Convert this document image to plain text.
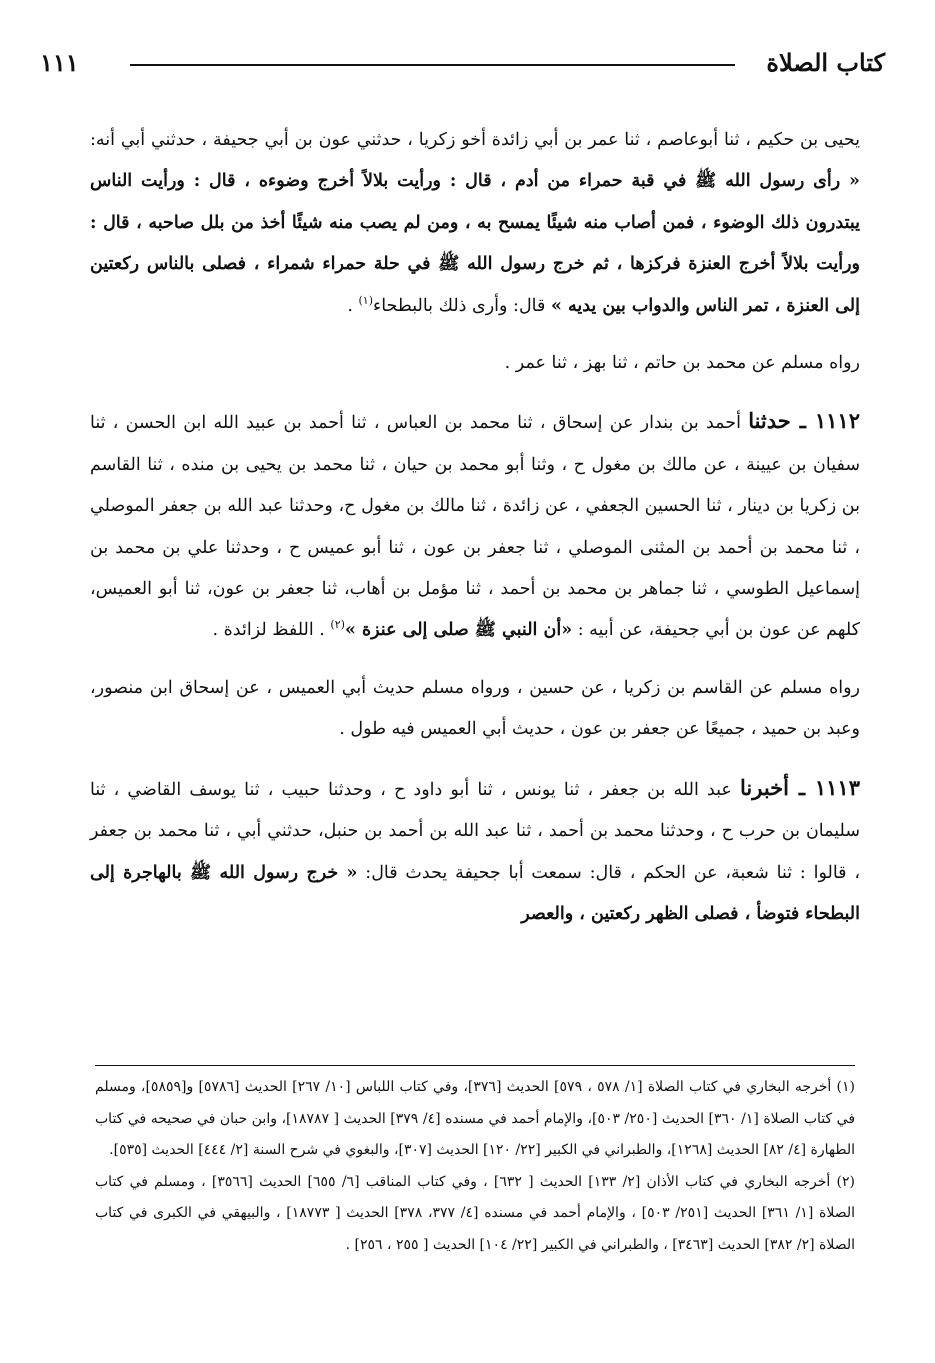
كتاب الصلاة
١١١

يحيى بن حكيم ، ثنا أبوعاصم ، ثنا عمر بن أبي زائدة أخو زكريا ، حدثني عون بن أبي جحيفة ، حدثني أبي أنه: « رأى رسول الله ﷺ في قبة حمراء من أدم ، قال : ورأيت بلالاً أخرج وضوءه ، قال : ورأيت الناس يبتدرون ذلك الوضوء ، فمن أصاب منه شيئًا يمسح به ، ومن لم يصب منه شيئًا أخذ من بلل صاحبه ، قال : ورأيت بلالاً أخرج العنزة فركزها ، ثم خرج رسول الله ﷺ في حلة حمراء شمراء ، فصلى بالناس ركعتين إلى العنزة ، تمر الناس والدواب بين يديه » قال: وأرى ذلك بالبطحاء$^{(١)}$ .

رواه مسلم عن محمد بن حاتم ، ثنا بهز ، ثنا عمر .

١١١٢ ـ حدثنا أحمد بن بندار عن إسحاق ، ثنا محمد بن العباس ، ثنا أحمد بن عبيد الله ابن الحسن ، ثنا سفيان بن عيينة ، عن مالك بن مغول ح ، وثنا أبو محمد بن حيان ، ثنا محمد بن يحيى بن منده ، ثنا القاسم بن زكريا بن دينار ، ثنا الحسين الجعفي ، عن زائدة ، ثنا مالك بن مغول ح، وحدثنا عبد الله بن جعفر الموصلي ، ثنا محمد بن أحمد بن المثنى الموصلي ، ثنا جعفر بن عون ، ثنا أبو عميس ح ، وحدثنا علي بن محمد بن إسماعيل الطوسي ، ثنا جماهر بن محمد بن أحمد ، ثنا مؤمل بن أهاب، ثنا جعفر بن عون، ثنا أبو العميس، كلهم عن عون بن أبي جحيفة، عن أبيه : «أن النبي ﷺ صلى إلى عنزة »$^{(٢)}$ . اللفظ لزائدة .

رواه مسلم عن القاسم بن زكريا ، عن حسين ، ورواه مسلم حديث أبي العميس ، عن إسحاق ابن منصور، وعبد بن حميد ، جميعًا عن جعفر بن عون ، حديث أبي العميس فيه طول .

١١١٣ ـ أخبرنا عبد الله بن جعفر ، ثنا يونس ، ثنا أبو داود ح ، وحدثنا حبيب ، ثنا يوسف القاضي ، ثنا سليمان بن حرب ح ، وحدثنا محمد بن أحمد ، ثنا عبد الله بن أحمد بن حنبل، حدثني أبي ، ثنا محمد بن جعفر ، قالوا : ثنا شعبة، عن الحكم ، قال: سمعت أبا جحيفة يحدث قال: « خرج رسول الله ﷺ بالهاجرة إلى البطحاء فتوضأ ، فصلى الظهر ركعتين ، والعصر

(١) أخرجه البخاري في كتاب الصلاة [١/ ٥٧٨ ، ٥٧٩] الحديث [٣٧٦]، وفي كتاب اللباس [١٠/ ٢٦٧] الحديث [٥٧٨٦] و[٥٨٥٩]، ومسلم في كتاب الصلاة [١/ ٣٦٠] الحديث [٢٥٠/ ٥٠٣]، والإمام أحمد في مسنده [٤/ ٣٧٩] الحديث [ ١٨٧٨٧]، وابن حبان في صحيحه في كتاب الطهارة [٤/ ٨٢] الحديث [١٢٦٨]، والطبراني في الكبير [٢٢/ ١٢٠] الحديث [٣٠٧]، والبغوي في شرح السنة [٢/ ٤٤٤] الحديث [٥٣٥].

(٢) أخرجه البخاري في كتاب الأذان [٢/ ١٣٣] الحديث [ ٦٣٢] ، وفي كتاب المناقب [٦/ ٦٥٥] الحديث [٣٥٦٦] ، ومسلم في كتاب الصلاة [١/ ٣٦١] الحديث [٢٥١/ ٥٠٣] ، والإمام أحمد في مسنده [٤/ ٣٧٧، ٣٧٨] الحديث [ ١٨٧٧٣] ، والبيهقي في الكبرى في كتاب الصلاة [٢/ ٣٨٢] الحديث [٣٤٦٣] ، والطبراني في الكبير [٢٢/ ١٠٤] الحديث [ ٢٥٥ ، ٢٥٦] .
